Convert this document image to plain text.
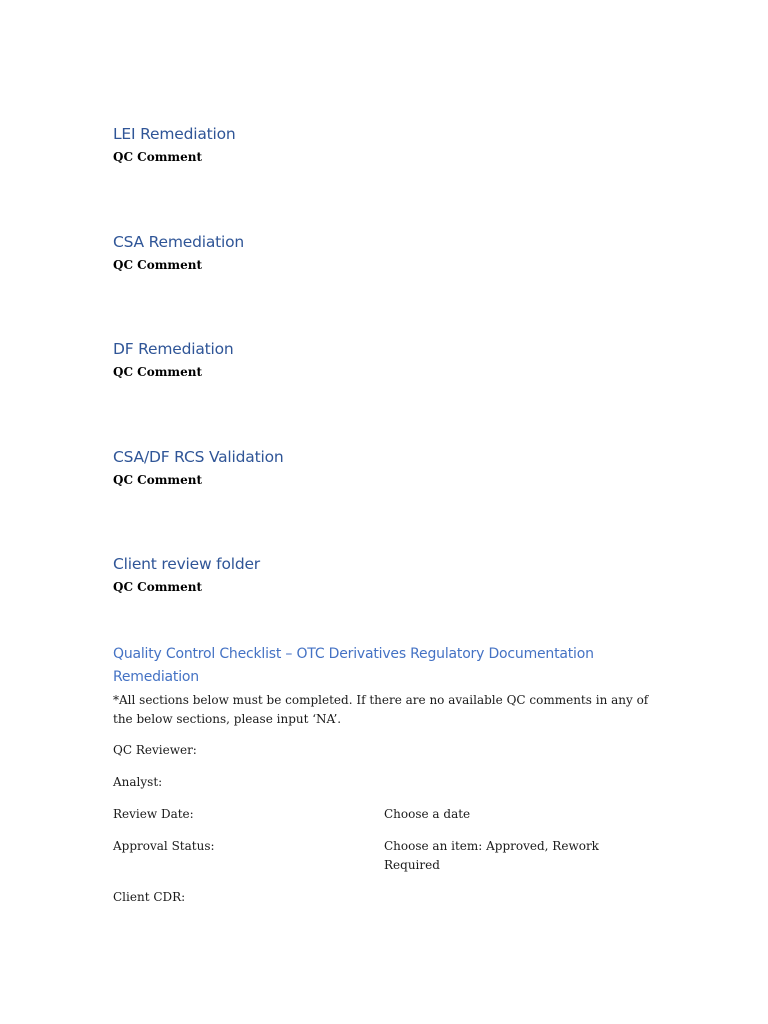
LEI Remediation
QC Comment
CSA Remediation
QC Comment
DF Remediation
QC Comment
CSA/DF RCS Validation
QC Comment
Client review folder
QC Comment
Quality Control Checklist – OTC Derivatives Regulatory Documentation Remediation
*All sections below must be completed. If there are no available QC comments in any of the below sections, please input ‘NA’.
QC Reviewer:
Analyst:
Review Date:	Choose a date
Approval Status:	Choose an item: Approved, Rework Required
Client CDR:
